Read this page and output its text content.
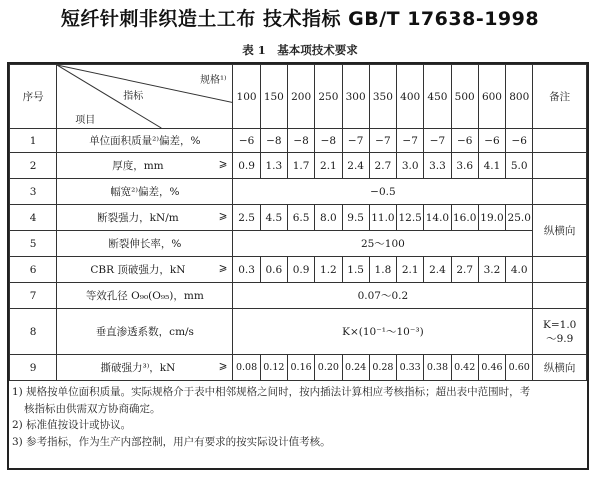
短纤针刺非织造土工布 技术指标 GB/T 17638-1998
表 1　基本项技术要求
序号	规格¹⁾
指标
项目	100	150	200	250	300	350	400	450	500	600	800	备注
1	单位面积质量²⁾偏差，%	−6	−8	−8	−8	−7	−7	−7	−7	−6	−6	−6	
2	厚度，mm ⩾	0.9	1.3	1.7	2.1	2.4	2.7	3.0	3.3	3.6	4.1	5.0	
3	幅宽²⁾偏差，%	−0.5											
4	断裂强力，kN/m ⩾	2.5	4.5	6.5	8.0	9.5	11.0	12.5	14.0	16.0	19.0	25.0	纵横向
5	断裂伸长率，%	25～100											
6	CBR 顶破强力，kN ⩾	0.3	0.6	0.9	1.2	1.5	1.8	2.1	2.4	2.7	3.2	4.0	
7	等效孔径 O₉₀(O₉₅)，mm	0.07～0.2											
8	垂直渗透系数，cm/s	K×(10⁻¹～10⁻³)											K=1.0
～9.9

9	撕破强力³⁾，kN ⩾	0.08	0.12	0.16	0.20	0.24	0.28	0.33	0.38	0.42	0.46	0.60	纵横向
1) 规格按单位面积质量。实际规格介于表中相邻规格之间时，按内插法计算相应考核指标；超出表中范围时，考
核指标由供需双方协商确定。
2) 标准值按设计或协议。
3) 参考指标，作为生产内部控制，用户有要求的按实际设计值考核。
